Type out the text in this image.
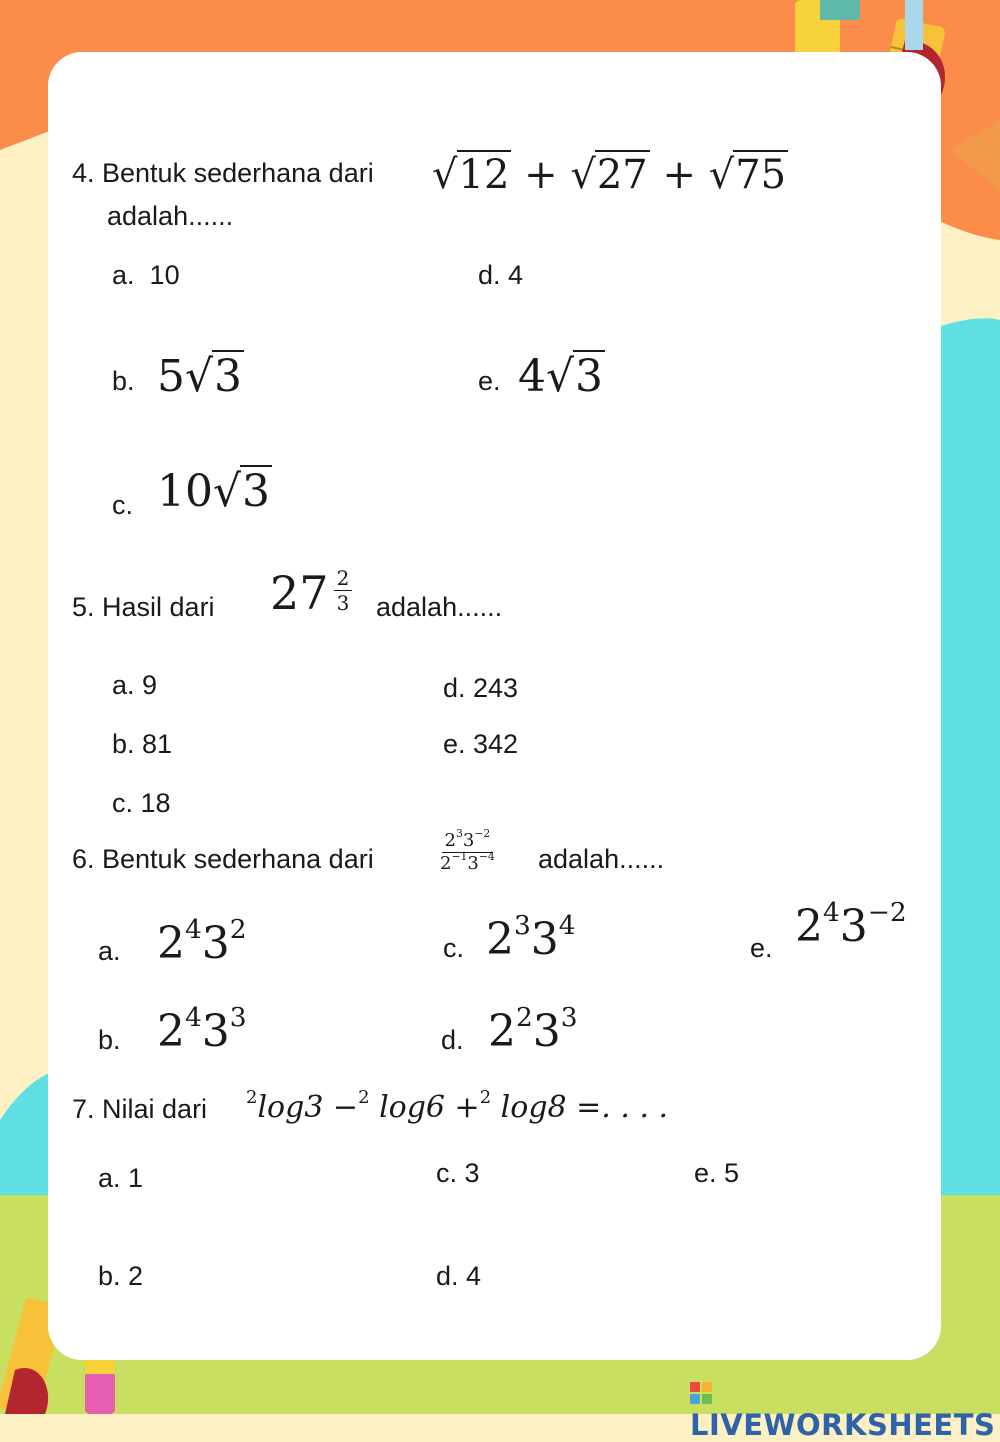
4. Bentuk sederhana dari √12 + √27 + √75
adalah......
a. 10	d. 4
b. 5√3	e. 4√3
c. 10√3
5. Hasil dari $27 \frac{2}{3}$ adalah......
a. 9	d. 243
b. 81	e. 342
c. 18
6. Bentuk sederhana dari	$\frac{2^33^{-2}}{2^{-1}3^{-4}}$ adalah......
a. $2^43^2$
c. $2^33^4$
e. $2^43^{-2}$
b. $2^43^3$
d. $2^23^3$
7. Nilai dari $^2$log3 −$^2$ log6 +$^2$ log8 =. . . .
a. 1	c. 3	e. 5
b. 2	d. 4
LIVEWORKSHEETS
